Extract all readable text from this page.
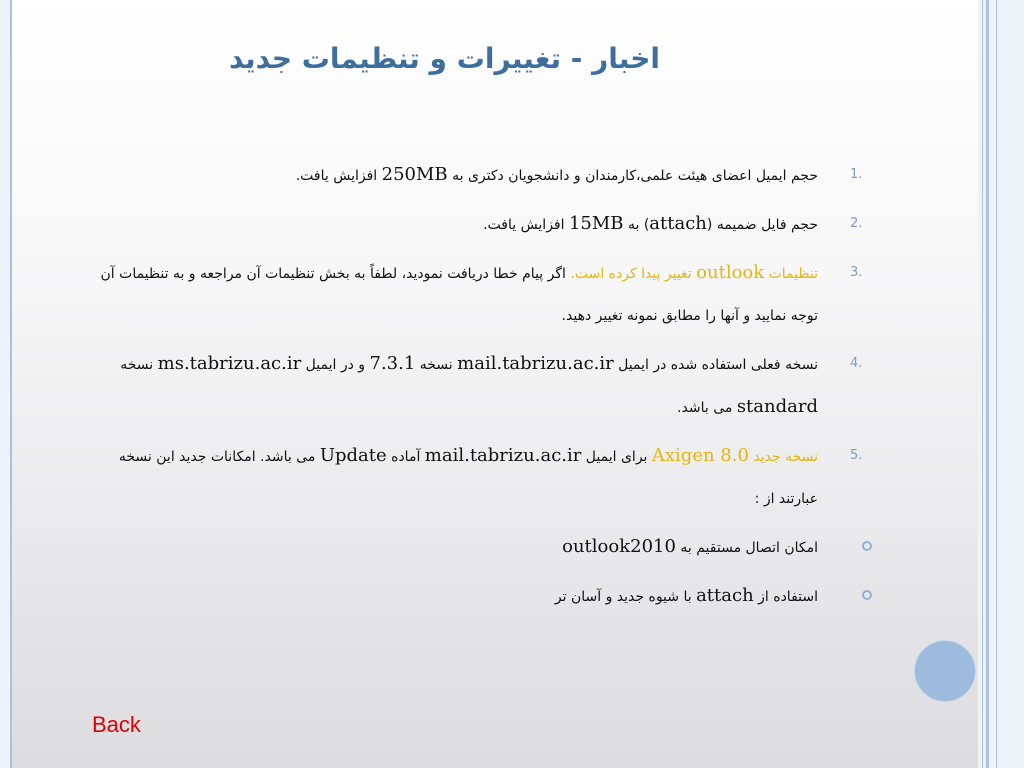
اخبار - تغییرات و تنظیمات جدید
1.
حجم ایمیل اعضای هیئت علمی،کارمندان و دانشجویان دکتری به 250MB افزایش یافت.
2.
حجم فایل ضمیمه (attach) به 15MB افزایش یافت.
3.
تنظیمات outlook تغییر پیدا کرده است. اگر پیام خطا دریافت نمودید، لطفاً به بخش تنظیمات آن مراجعه و به تنظیمات آن توجه نمایید و آنها را مطابق نمونه تغییر دهید.
4.
نسخه فعلی استفاده شده در ایمیل mail.tabrizu.ac.ir نسخه 7.3.1 و در ایمیل ms.tabrizu.ac.ir نسخه standard می باشد.
5.
نسخه جدید Axigen 8.0 برای ایمیل mail.tabrizu.ac.ir آماده Update می باشد. امکانات جدید این نسخه عبارتند از :
امکان اتصال مستقیم به outlook2010
استفاده از attach با شیوه جدید و آسان تر
Back
